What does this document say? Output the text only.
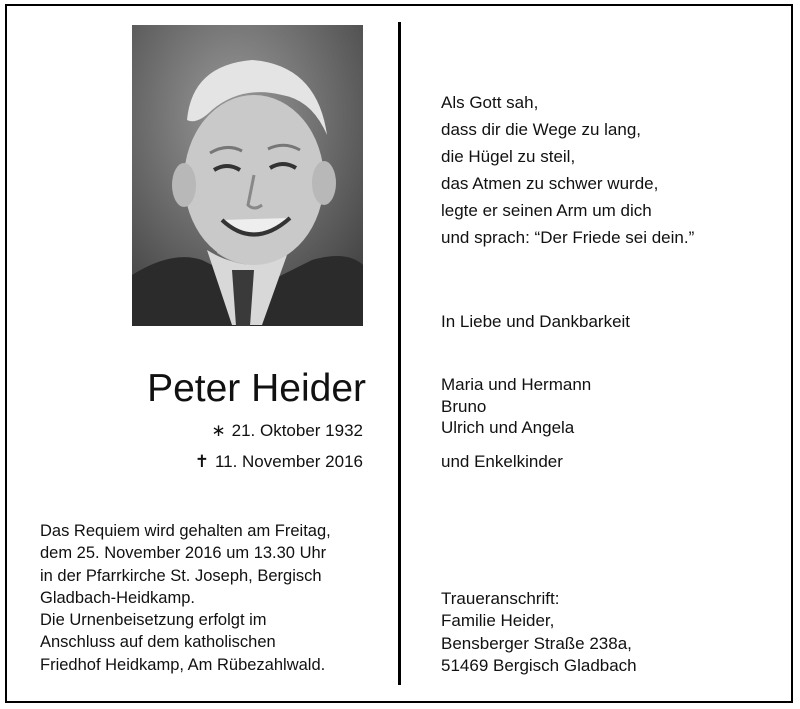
Peter Heider
∗ 21. Oktober 1932
✝ 11. November 2016
Das Requiem wird gehalten am Freitag,
dem 25. November 2016 um 13.30 Uhr
in der Pfarrkirche St. Joseph, Bergisch
Gladbach-Heidkamp.
Die Urnenbeisetzung erfolgt im
Anschluss auf dem katholischen
Friedhof Heidkamp, Am Rübezahlwald.
Als Gott sah,
dass dir die Wege zu lang,
die Hügel zu steil,
das Atmen zu schwer wurde,
legte er seinen Arm um dich
und sprach: “Der Friede sei dein.”
In Liebe und Dankbarkeit
Maria und Hermann
Bruno
Ulrich und Angela
und Enkelkinder
Traueranschrift:
Familie Heider,
Bensberger Straße 238a,
51469 Bergisch Gladbach
